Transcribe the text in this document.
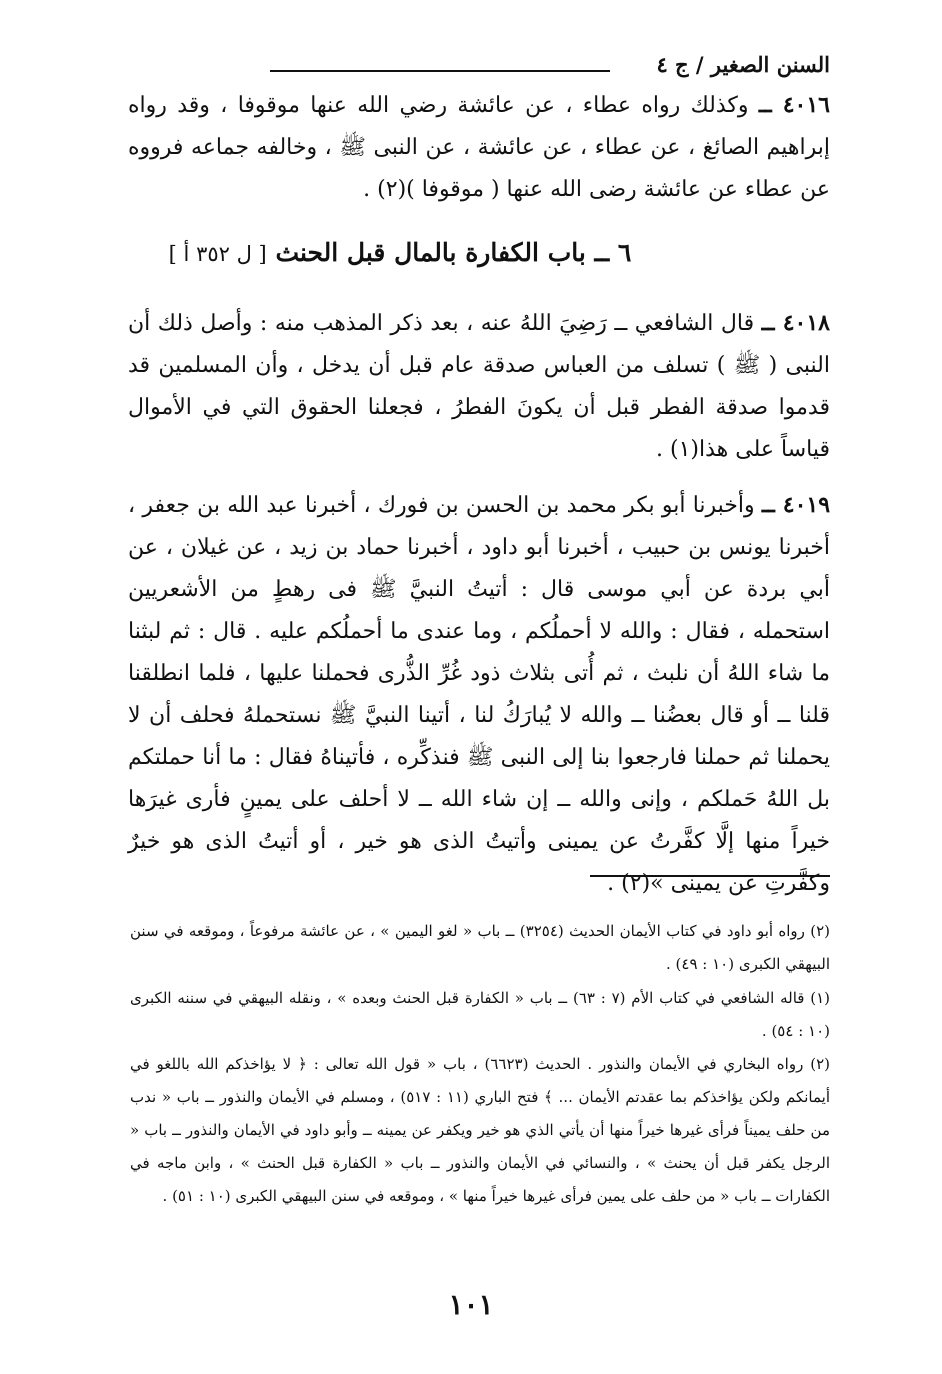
السنن الصغير / ج ٤

٤٠١٦ ــ وكذلك رواه عطاء ، عن عائشة رضي الله عنها موقوفا ، وقد رواه إبراهيم الصائغ ، عن عطاء ، عن عائشة ، عن النبى ﷺ ، وخالفه جماعه فرووه عن عطاء عن عائشة رضى الله عنها ( موقوفا )(٢) .

٦ ــ باب الكفارة بالمال قبل الحنث [ ل ٣٥٢ أ ]

٤٠١٨ ــ قال الشافعي ــ رَضِيَ اللهُ عنه ، بعد ذكر المذهب منه : وأصل ذلك أن النبى ( ﷺ ) تسلف من العباس صدقة عام قبل أن يدخل ، وأن المسلمين قد قدموا صدقة الفطر قبل أن يكونَ الفطرُ ، فجعلنا الحقوق التي في الأموال قياساً على هذا(١) .

٤٠١٩ ــ وأخبرنا أبو بكر محمد بن الحسن بن فورك ، أخبرنا عبد الله بن جعفر ، أخبرنا يونس بن حبيب ، أخبرنا أبو داود ، أخبرنا حماد بن زيد ، عن غيلان ، عن أبي بردة عن أبي موسى قال : أتيتُ النبيَّ ﷺ فى رهطٍ من الأشعريين استحمله ، فقال : والله لا أحملُكم ، وما عندى ما أحملُكم عليه . قال : ثم لبثنا ما شاء اللهُ أن نلبث ، ثم أُتى بثلاث ذود غُرِّ الذُّرى فحملنا عليها ، فلما انطلقنا قلنا ــ أو قال بعضُنا ــ والله لا يُبارَكُ لنا ، أتينا النبيَّ ﷺ نستحملهُ فحلف أن لا يحملنا ثم حملنا فارجعوا بنا إلى النبى ﷺ فنذكِّره ، فأتيناهُ فقال : ما أنا حملتكم بل اللهُ حَملكم ، وإنى والله ــ إن شاء الله ــ لا أحلف على يمينٍ فأرى غيرَها خيراً منها إلَّا كفَّرتُ عن يمينى وأتيتُ الذى هو خير ، أو أتيتُ الذى هو خيرٌ وكفَّرتِ عن يمينى »(٢) .

(٢) رواه أبو داود في كتاب الأيمان الحديث (٣٢٥٤) ــ باب « لغو اليمين » ، عن عائشة مرفوعاً ، وموقعه في سنن البيهقي الكبرى (١٠ : ٤٩) .

(١) قاله الشافعي في كتاب الأم (٧ : ٦٣) ــ باب « الكفارة قبل الحنث وبعده » ، ونقله البيهقي في سننه الكبرى (١٠ : ٥٤) .

(٢) رواه البخاري في الأيمان والنذور . الحديث (٦٦٢٣) ، باب « قول الله تعالى : ﴿ لا يؤاخذكم الله باللغو في أيمانكم ولكن يؤاخذكم بما عقدتم الأيمان ... ﴾ فتح الباري (١١ : ٥١٧) ، ومسلم في الأيمان والنذور ــ باب « ندب من حلف يميناً فرأى غيرها خيراً منها أن يأتي الذي هو خير ويكفر عن يمينه ــ وأبو داود في الأيمان والنذور ــ باب « الرجل يكفر قبل أن يحنث » ، والنسائي في الأيمان والنذور ــ باب « الكفارة قبل الحنث » ، وابن ماجه في الكفارات ــ باب « من حلف على يمين فرأى غيرها خيراً منها » ، وموقعه في سنن البيهقي الكبرى (١٠ : ٥١) .

١٠١
